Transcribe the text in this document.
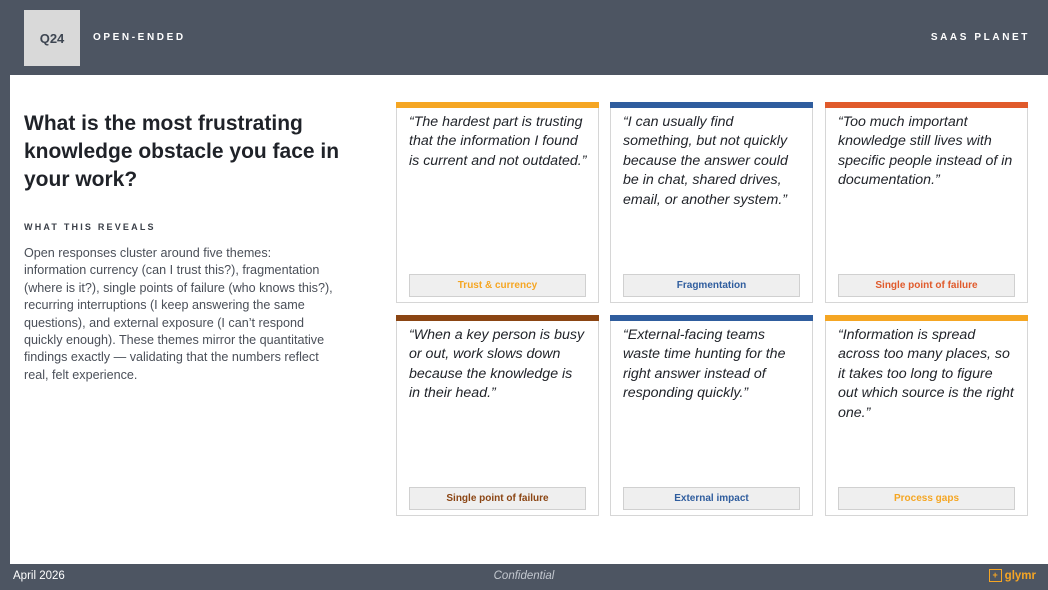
Q24	OPEN-ENDED	SAAS PLANET
What is the most frustrating knowledge obstacle you face in your work?
WHAT THIS REVEALS
Open responses cluster around five themes: information currency (can I trust this?), fragmentation (where is it?), single points of failure (who knows this?), recurring interruptions (I keep answering the same questions), and external exposure (I can’t respond quickly enough). These themes mirror the quantitative findings exactly — validating that the numbers reflect real, felt experience.
“The hardest part is trusting that the information I found is current and not outdated.”
Trust & currency
“I can usually find something, but not quickly because the answer could be in chat, shared drives, email, or another system.”
Fragmentation
“Too much important knowledge still lives with specific people instead of in documentation.”
Single point of failure
“When a key person is busy or out, work slows down because the knowledge is in their head.”
Single point of failure
“External-facing teams waste time hunting for the right answer instead of responding quickly.”
External impact
“Information is spread across too many places, so it takes too long to figure out which source is the right one.”
Process gaps
April 2026	Confidential	+ glymr
